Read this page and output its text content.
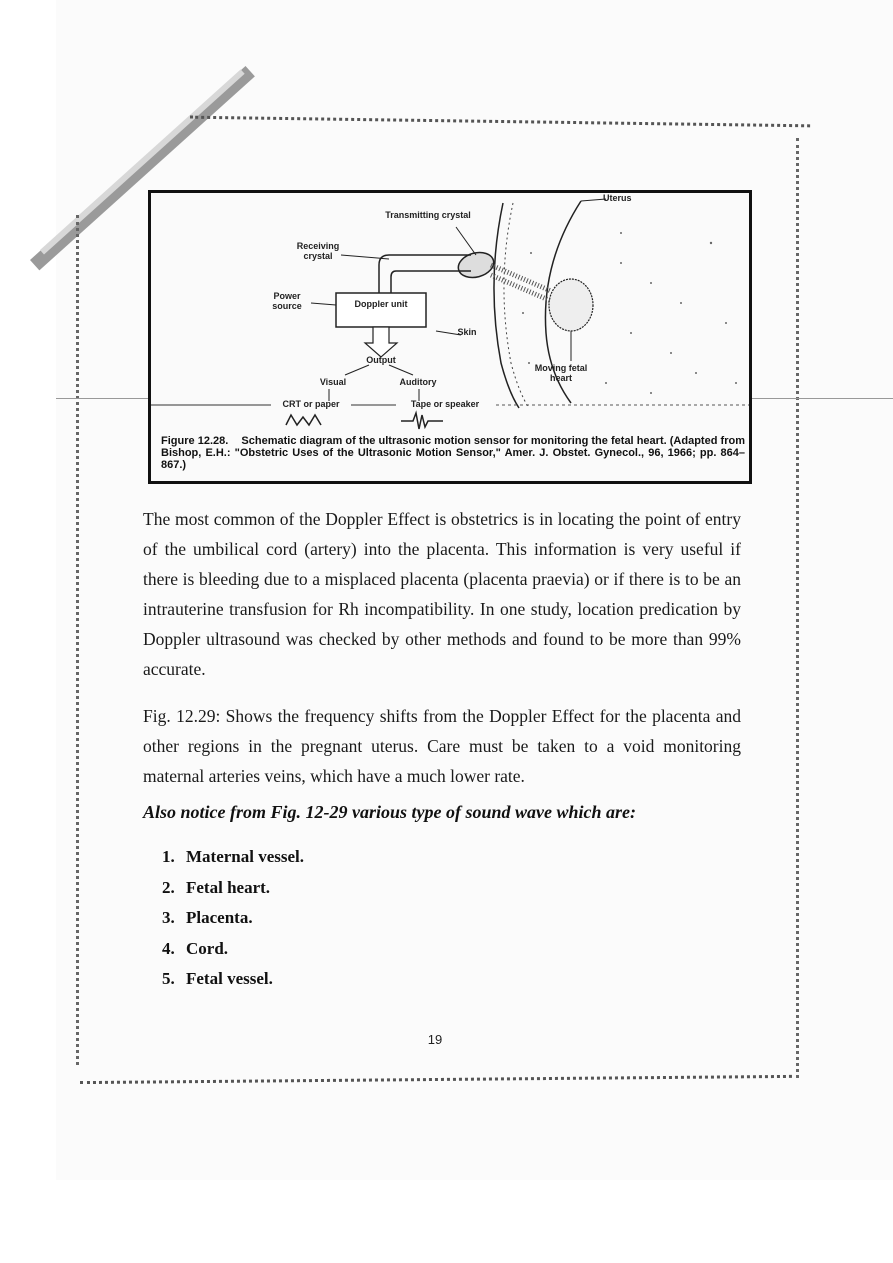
Transmitting crystal
Uterus
Receiving crystal
Power source	Doppler unit
Skin
Output
Visual	Auditory
Moving fetal heart
CRT or paper	Tape or speaker
Figure 12.28. Schematic diagram of the ultrasonic motion sensor for monitoring the fetal heart. (Adapted from Bishop, E.H.: "Obstetric Uses of the Ultrasonic Motion Sensor," Amer. J. Obstet. Gynecol., 96, 1966; pp. 864–867.)
The most common of the Doppler Effect is obstetrics is in locating the point of entry of the umbilical cord (artery) into the placenta. This information is very useful if there is bleeding due to a misplaced placenta (placenta praevia) or if there is to be an intrauterine transfusion for Rh incompatibility. In one study, location predication by Doppler ultrasound was checked by other methods and found to be more than 99% accurate.
Fig. 12.29: Shows the frequency shifts from the Doppler Effect for the placenta and other regions in the pregnant uterus. Care must be taken to a void monitoring maternal arteries veins, which have a much lower rate.
Also notice from Fig. 12-29 various type of sound wave which are:
1. Maternal vessel.
2. Fetal heart.
3. Placenta.
4. Cord.
5. Fetal vessel.
19
